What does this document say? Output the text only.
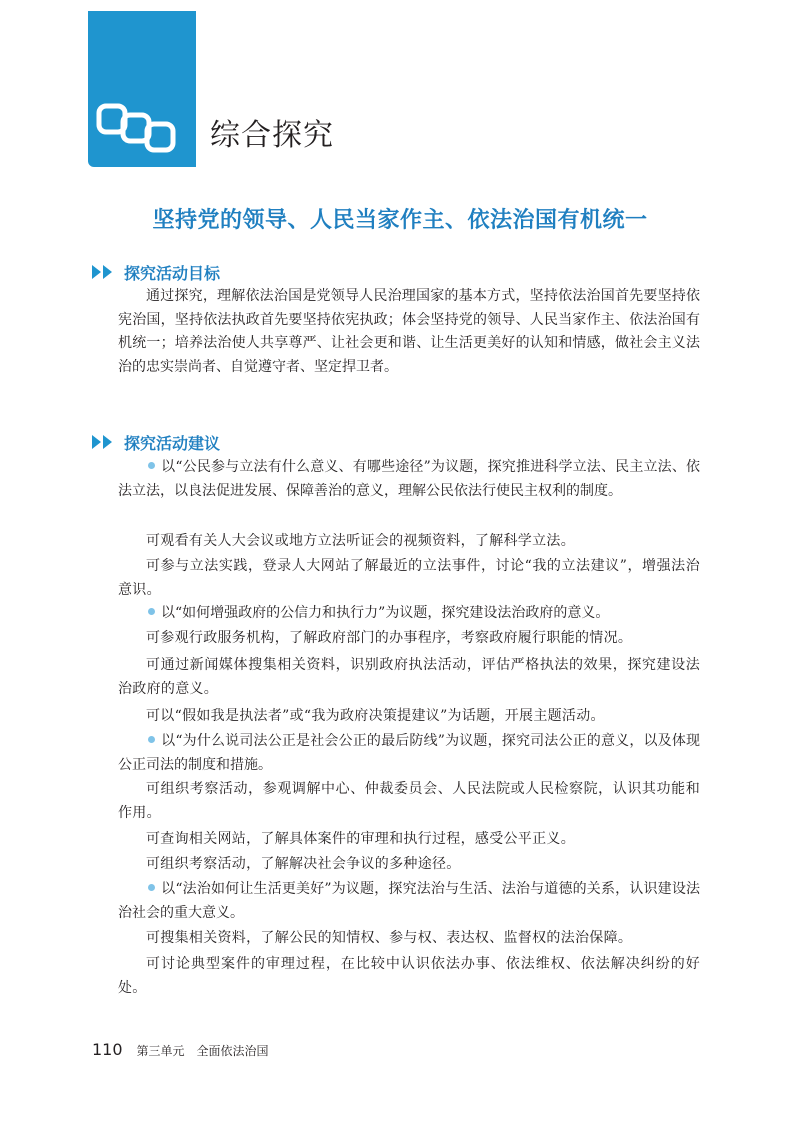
综合探究
坚持党的领导、人民当家作主、依法治国有机统一
探究活动目标

通过探究，理解依法治国是党领导人民治理国家的基本方式，坚持依法治国首先要坚持依宪治国，坚持依法执政首先要坚持依宪执政；体会坚持党的领导、人民当家作主、依法治国有机统一；培养法治使人共享尊严、让社会更和谐、让生活更美好的认知和情感，做社会主义法治的忠实崇尚者、自觉遵守者、坚定捍卫者。

探究活动建议

以“公民参与立法有什么意义、有哪些途径”为议题，探究推进科学立法、民主立法、依法立法，以良法促进发展、保障善治的意义，理解公民依法行使民主权利的制度。

可观看有关人大会议或地方立法听证会的视频资料，了解科学立法。

可参与立法实践，登录人大网站了解最近的立法事件，讨论“我的立法建议”，增强法治意识。

以“如何增强政府的公信力和执行力”为议题，探究建设法治政府的意义。

可参观行政服务机构，了解政府部门的办事程序，考察政府履行职能的情况。

可通过新闻媒体搜集相关资料，识别政府执法活动，评估严格执法的效果，探究建设法治政府的意义。

可以“假如我是执法者”或“我为政府决策提建议”为话题，开展主题活动。

以“为什么说司法公正是社会公正的最后防线”为议题，探究司法公正的意义，以及体现公正司法的制度和措施。

可组织考察活动，参观调解中心、仲裁委员会、人民法院或人民检察院，认识其功能和作用。

可查询相关网站，了解具体案件的审理和执行过程，感受公平正义。

可组织考察活动，了解解决社会争议的多种途径。

以“法治如何让生活更美好”为议题，探究法治与生活、法治与道德的关系，认识建设法治社会的重大意义。

可搜集相关资料，了解公民的知情权、参与权、表达权、监督权的法治保障。

可讨论典型案件的审理过程，在比较中认识依法办事、依法维权、依法解决纠纷的好处。

110 第三单元　全面依法治国
